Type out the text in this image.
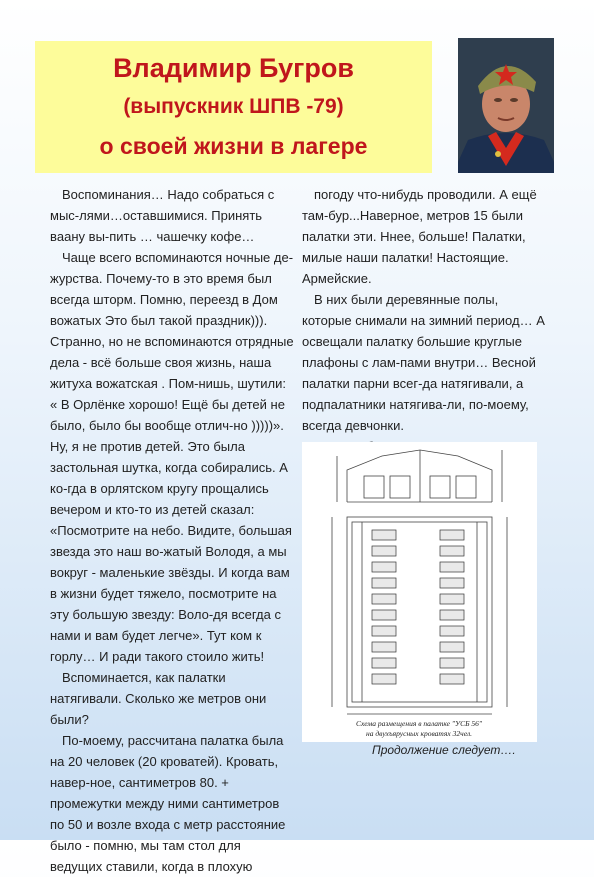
Владимир Бугров
(выпускник ШПВ -79)
о своей жизни в лагере

Воспоминания… Надо собраться с мыс-лями…оставшимися. Принять вaaну вы-пить … чашечку кофе…

Чаще всего вспоминаются ночные де-журства. Почему-то в это время был всегда шторм. Помню, переезд в Дом вожатых Это был такой праздник))). Странно, но не вспоминаются отрядные дела - всё больше своя жизнь, наша житуха вожатская . Пом-нишь, шутили: « В Орлёнке хорошо! Ещё бы детей не было, было бы вообще отлич-но )))))». Ну, я не против детей. Это была застольная шутка, когда собирались. А ко-гда в орлятском кругу прощались вечером и кто-то из детей сказал: «Посмотрите на небо. Видите, большая звезда это наш во-жатый Володя, а мы вокруг - маленькие звёзды. И когда вам в жизни будет тяжело, посмотрите на эту большую звезду: Воло-дя всегда с нами и вам будет легче». Тут ком к горлу… И ради такого стоило жить!

Вспоминается, как палатки натягивали. Сколько же метров они были?

По-моему, рассчитана палатка была на 20 человек (20 кроватей). Кровать, навер-ное, сантиметров 80. + промежутки между ними сантиметров по 50 и возле входа с метр расстояние было - помню, мы там стол для ведущих ставили, когда в плохую

погоду что-нибудь проводили. А ещё там-бур...Наверное, метров 15 были палатки эти. Ннее, больше! Палатки, милые наши палатки! Настоящие. Армейские.

В них были деревянные полы, которые снимали на зимний период… А освещали палатку большие круглые плафоны с лам-пами внутри… Весной палатки парни всег-да натягивали, а подпалатники натягива-ли, по-моему, всегда девчонки.

Схема размещения в палатке "УСБ 56"
на двухъярусных кроватях 32чел.
Продолжение следует….
